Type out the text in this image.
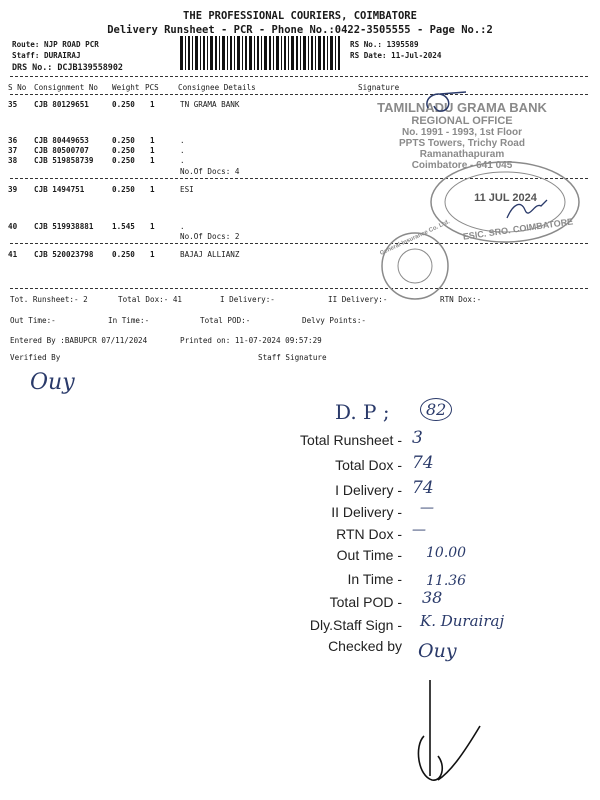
THE PROFESSIONAL COURIERS, COIMBATORE
Delivery Runsheet - PCR - Phone No.:0422-3505555 - Page No.:2
Route: NJP ROAD PCR
Staff: DURAIRAJ
DRS No.: DCJB139558902
RS No.: 1395589
RS Date: 11-Jul-2024
S No Consignment No Weight PCS	Consignee Details	Signature
35 CJB 80129651	0.250 1	TN GRAMA BANK
36 CJB 80449653	0.250 1	.
37 CJB 80500707	0.250 1	.
38 CJB 519858739 0.250 1	.
No.Of Docs: 4
39 CJB 1494751	0.250 1	ESI
40 CJB 519938881 1.545 1	.
No.Of Docs: 2
41 CJB 520023798 0.250 1	BAJAJ ALLIANZ
TAMILNADU GRAMA BANK
REGIONAL OFFICE
No. 1991 - 1993, 1st Floor
PPTS Towers, Trichy Road
Ramanathapuram
Coimbatore - 641 045
11 JUL 2024
ESIC. SRO. COIMBATORE
General Insurance Co. Ltd.
Tot. Runsheet:- 2	Total Dox:- 41	I Delivery:-	II Delivery:-	RTN Dox:-
Out Time:-	In Time:-	Total POD:-	Delvy Points:-
Entered By :BABUPCR 07/11/2024	Printed on: 11-07-2024 09:57:29
Verified By	Staff Signature
Ouy
D. P ;	82
Total Runsheet - 3
Total Dox - 74
I Delivery - 74
II Delivery - —
RTN Dox - —
Out Time - 10.00
In Time - 11.36
Total POD - 38
Dly.Staff Sign - K. Durairaj
Checked by Ouy
